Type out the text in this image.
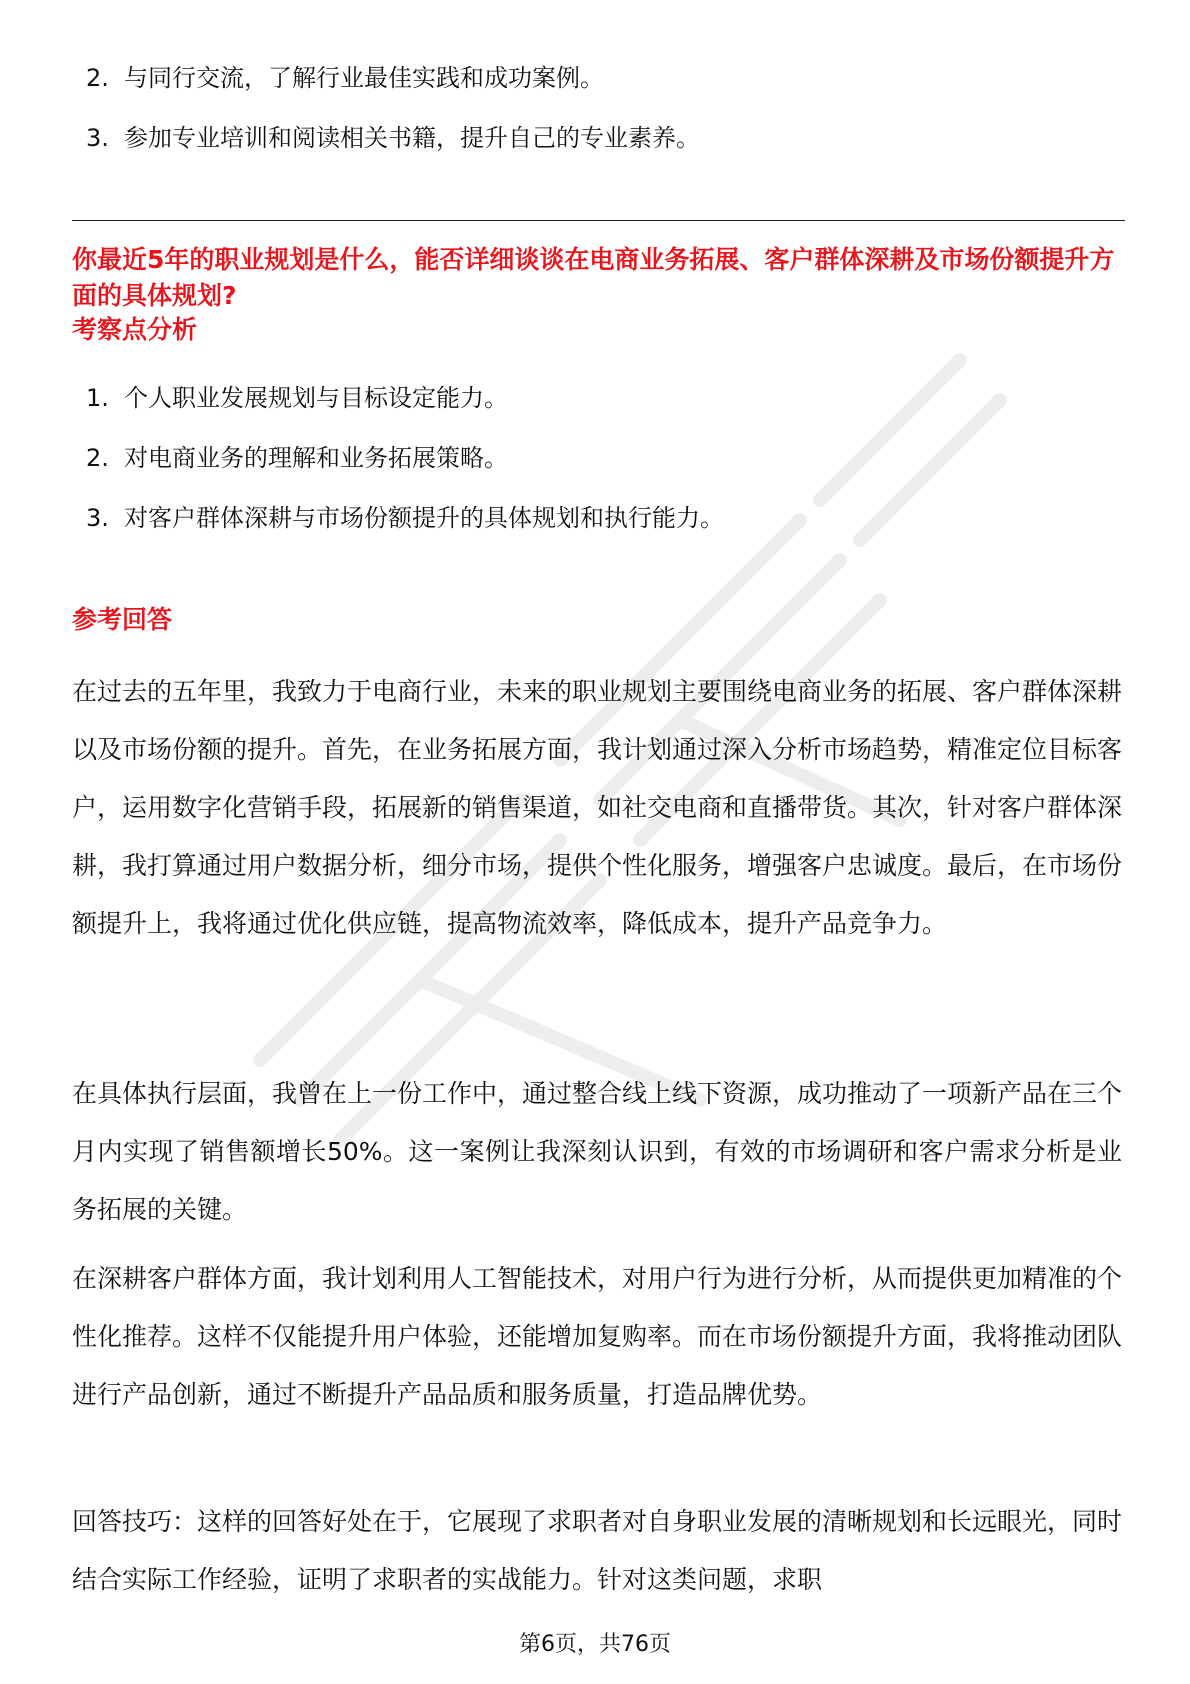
2. 与同行交流，了解行业最佳实践和成功案例。
3. 参加专业培训和阅读相关书籍，提升自己的专业素养。

你最近5年的职业规划是什么，能否详细谈谈在电商业务拓展、客户群体深耕及市场份额提升方面的具体规划?

考察点分析
1. 个人职业发展规划与目标设定能力。
2. 对电商业务的理解和业务拓展策略。
3. 对客户群体深耕与市场份额提升的具体规划和执行能力。
参考回答

在过去的五年里，我致力于电商行业，未来的职业规划主要围绕电商业务的拓展、客户群体深耕以及市场份额的提升。首先，在业务拓展方面，我计划通过深入分析市场趋势，精准定位目标客户，运用数字化营销手段，拓展新的销售渠道，如社交电商和直播带货。其次，针对客户群体深耕，我打算通过用户数据分析，细分市场，提供个性化服务，增强客户忠诚度。最后，在市场份额提升上，我将通过优化供应链，提高物流效率，降低成本，提升产品竞争力。

在具体执行层面，我曾在上一份工作中，通过整合线上线下资源，成功推动了一项新产品在三个月内实现了销售额增长50%。这一案例让我深刻认识到，有效的市场调研和客户需求分析是业务拓展的关键。

在深耕客户群体方面，我计划利用人工智能技术，对用户行为进行分析，从而提供更加精准的个性化推荐。这样不仅能提升用户体验，还能增加复购率。而在市场份额提升方面，我将推动团队进行产品创新，通过不断提升产品品质和服务质量，打造品牌优势。

回答技巧：这样的回答好处在于，它展现了求职者对自身职业发展的清晰规划和长远眼光，同时结合实际工作经验，证明了求职者的实战能力。针对这类问题，求职

第6页，共76页
